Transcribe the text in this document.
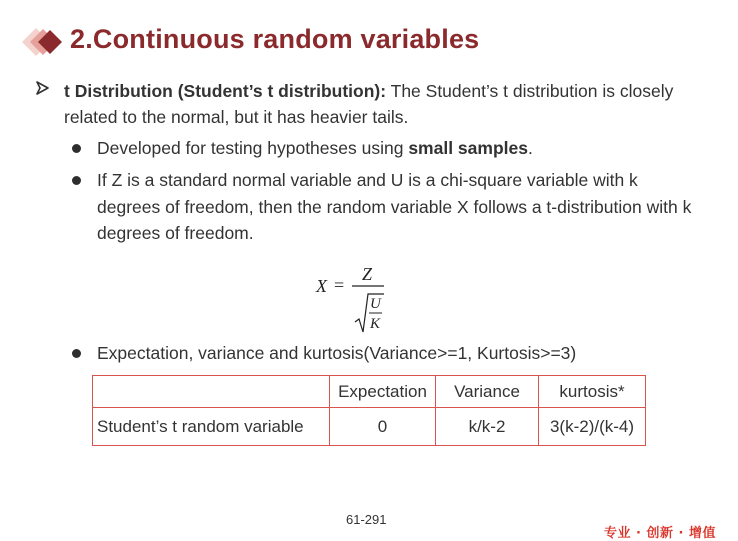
2.Continuous random variables
t Distribution (Student’s t distribution): The Student’s t distribution is closely related to the normal, but it has heavier tails.
Developed for testing hypotheses using small samples.
If Z is a standard normal variable and U is a chi-square variable with k degrees of freedom, then the random variable X follows a t-distribution with k degrees of freedom.
X =
Z
U
K
Expectation, variance and kurtosis(Variance>=1, Kurtosis>=3)
	Expectation	Variance	kurtosis*
Student’s t random variable	0	k/k-2	3(k-2)/(k-4)
61-291
专业 · 创新 · 增值
